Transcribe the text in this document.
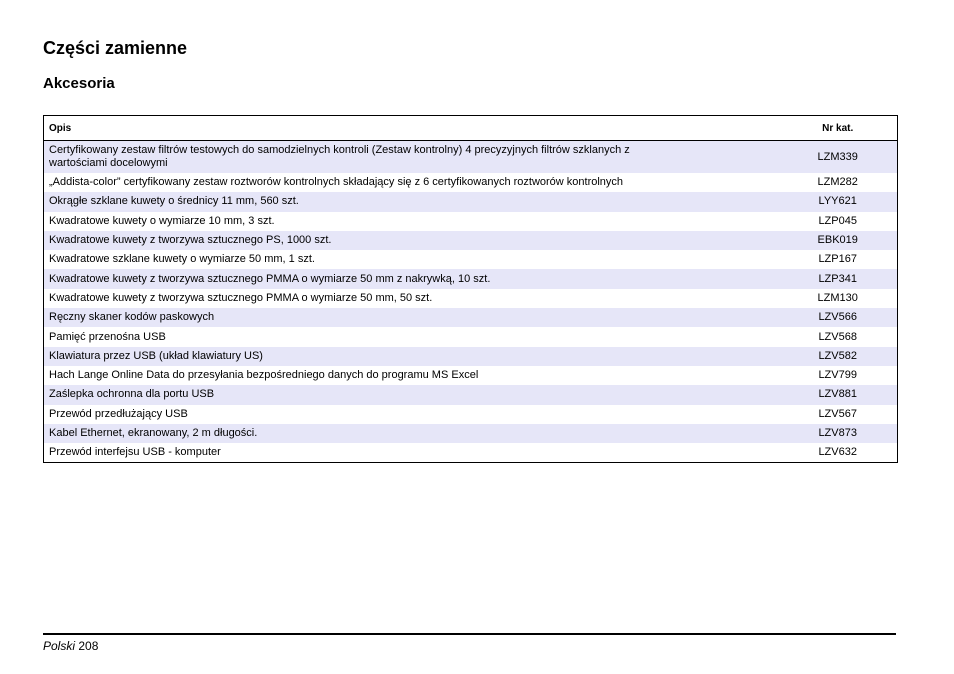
Części zamienne
Akcesoria
Opis	Nr kat.
Certyfikowany zestaw filtrów testowych do samodzielnych kontroli (Zestaw kontrolny) 4 precyzyjnych filtrów szklanych z wartościami docelowymi	LZM339
„Addista-color” certyfikowany zestaw roztworów kontrolnych składający się z 6 certyfikowanych roztworów kontrolnych	LZM282
Okrągłe szklane kuwety o średnicy 11 mm, 560 szt.	LYY621
Kwadratowe kuwety o wymiarze 10 mm, 3 szt.	LZP045
Kwadratowe kuwety z tworzywa sztucznego PS, 1000 szt.	EBK019
Kwadratowe szklane kuwety o wymiarze 50 mm, 1 szt.	LZP167
Kwadratowe kuwety z tworzywa sztucznego PMMA o wymiarze 50 mm z nakrywką, 10 szt.	LZP341
Kwadratowe kuwety z tworzywa sztucznego PMMA o wymiarze 50 mm, 50 szt.	LZM130
Ręczny skaner kodów paskowych	LZV566
Pamięć przenośna USB	LZV568
Klawiatura przez USB (układ klawiatury US)	LZV582
Hach Lange Online Data do przesyłania bezpośredniego danych do programu MS Excel	LZV799
Zaślepka ochronna dla portu USB	LZV881
Przewód przedłużający USB	LZV567
Kabel Ethernet, ekranowany, 2 m długości.	LZV873
Przewód interfejsu USB - komputer	LZV632
Polski 208
